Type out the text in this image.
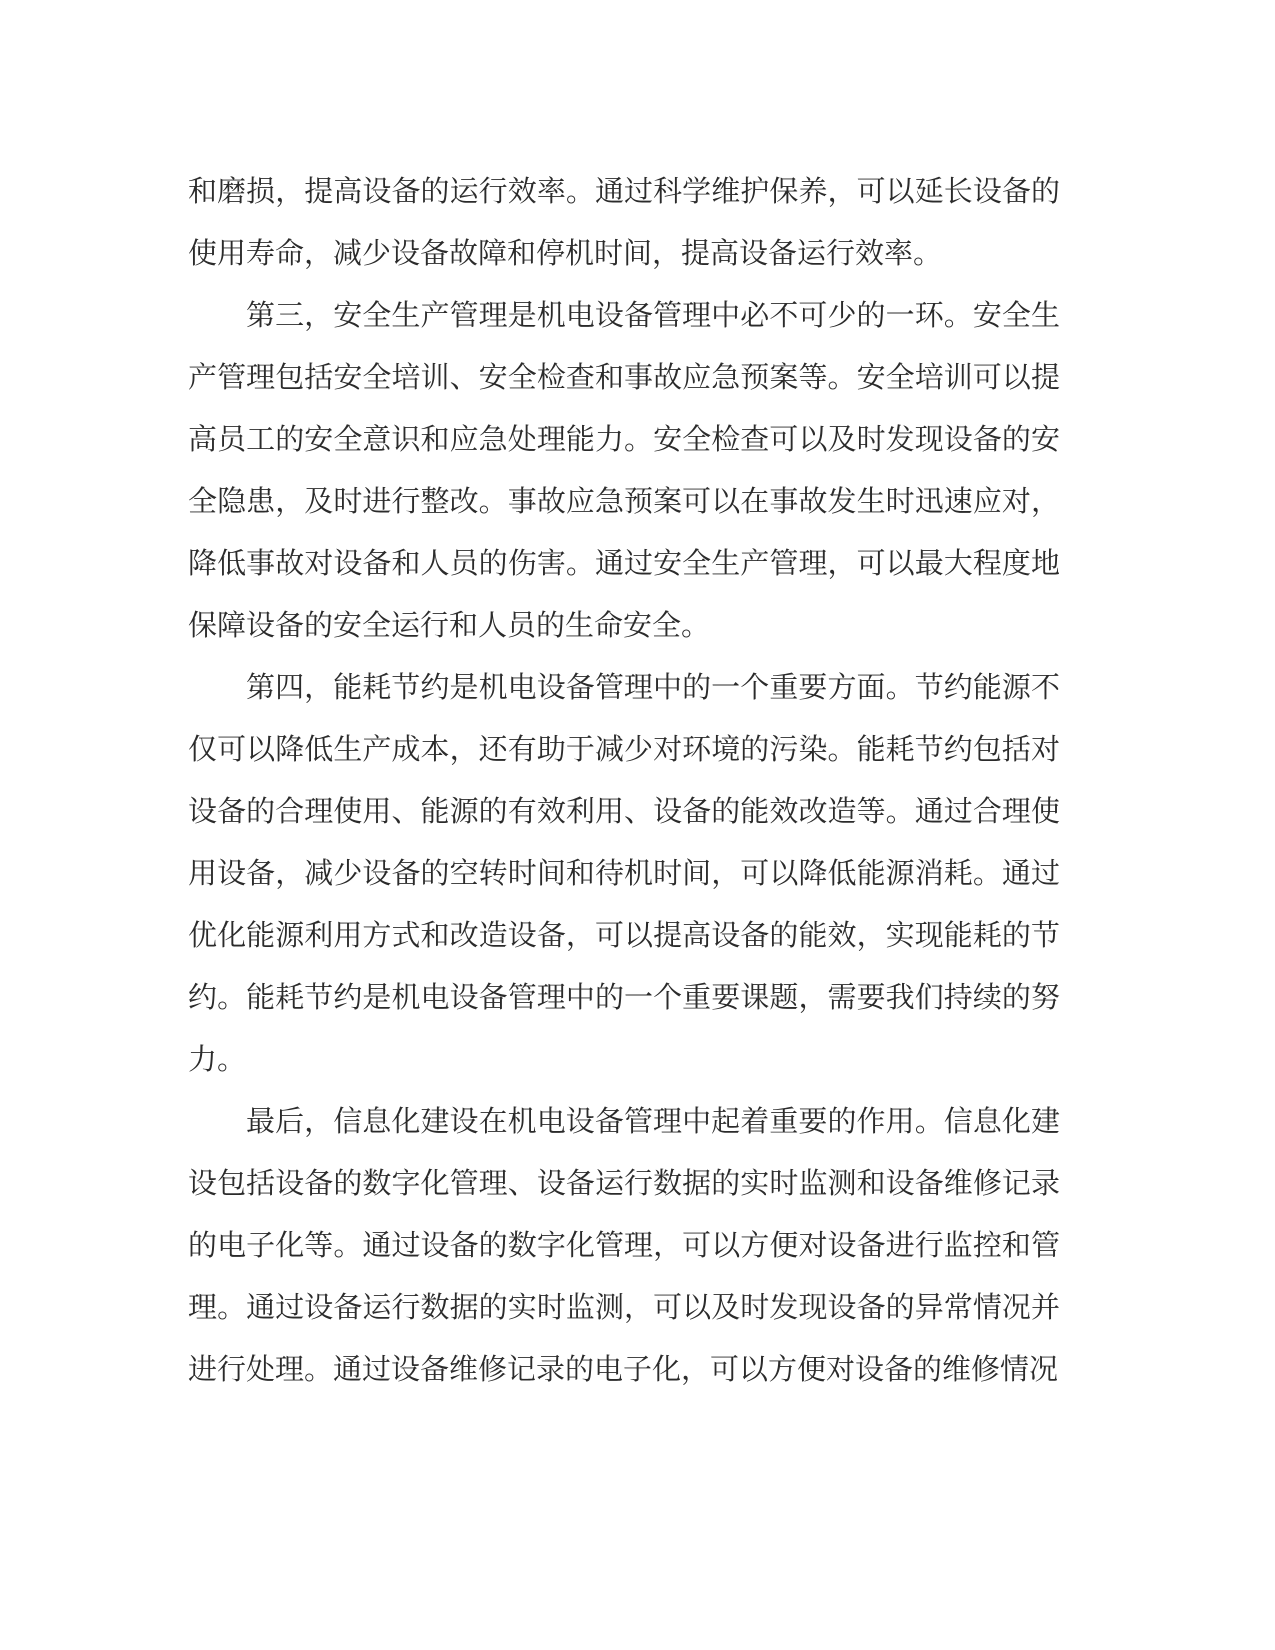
和磨损，提高设备的运行效率。通过科学维护保养，可以延长设备的使用寿命，减少设备故障和停机时间，提高设备运行效率。

第三，安全生产管理是机电设备管理中必不可少的一环。安全生产管理包括安全培训、安全检查和事故应急预案等。安全培训可以提高员工的安全意识和应急处理能力。安全检查可以及时发现设备的安全隐患，及时进行整改。事故应急预案可以在事故发生时迅速应对，降低事故对设备和人员的伤害。通过安全生产管理，可以最大程度地保障设备的安全运行和人员的生命安全。

第四，能耗节约是机电设备管理中的一个重要方面。节约能源不仅可以降低生产成本，还有助于减少对环境的污染。能耗节约包括对设备的合理使用、能源的有效利用、设备的能效改造等。通过合理使用设备，减少设备的空转时间和待机时间，可以降低能源消耗。通过优化能源利用方式和改造设备，可以提高设备的能效，实现能耗的节约。能耗节约是机电设备管理中的一个重要课题，需要我们持续的努力。

最后，信息化建设在机电设备管理中起着重要的作用。信息化建设包括设备的数字化管理、设备运行数据的实时监测和设备维修记录的电子化等。通过设备的数字化管理，可以方便对设备进行监控和管理。通过设备运行数据的实时监测，可以及时发现设备的异常情况并进行处理。通过设备维修记录的电子化，可以方便对设备的维修情况
